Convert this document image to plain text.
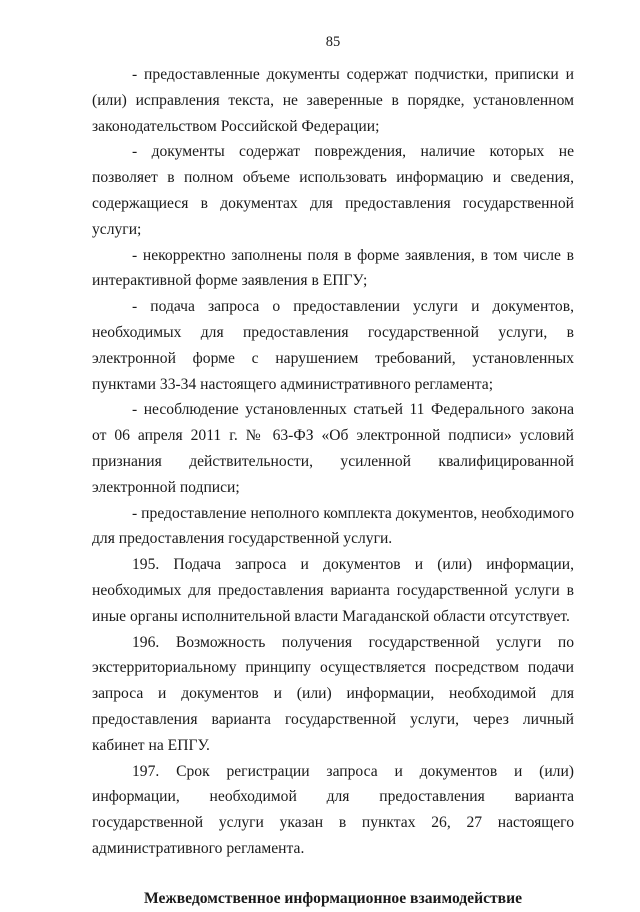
85

- предоставленные документы содержат подчистки, приписки и (или) исправления текста, не заверенные в порядке, установленном законодательством Российской Федерации;

- документы содержат повреждения, наличие которых не позволяет в полном объеме использовать информацию и сведения, содержащиеся в документах для предоставления государственной услуги;

- некорректно заполнены поля в форме заявления, в том числе в интерактивной форме заявления в ЕПГУ;

- подача запроса о предоставлении услуги и документов, необходимых для предоставления государственной услуги, в электронной форме с нарушением требований, установленных пунктами 33-34 настоящего административного регламента;

- несоблюдение установленных статьей 11 Федерального закона от 06 апреля 2011 г. № 63-ФЗ «Об электронной подписи» условий признания действительности, усиленной квалифицированной электронной подписи;

- предоставление неполного комплекта документов, необходимого для предоставления государственной услуги.

195. Подача запроса и документов и (или) информации, необходимых для предоставления варианта государственной услуги в иные органы исполнительной власти Магаданской области отсутствует.

196. Возможность получения государственной услуги по экстерриториальному принципу осуществляется посредством подачи запроса и документов и (или) информации, необходимой для предоставления варианта государственной услуги, через личный кабинет на ЕПГУ.

197. Срок регистрации запроса и документов и (или) информации, необходимой для предоставления варианта государственной услуги указан в пунктах 26, 27 настоящего административного регламента.

Межведомственное информационное взаимодействие
